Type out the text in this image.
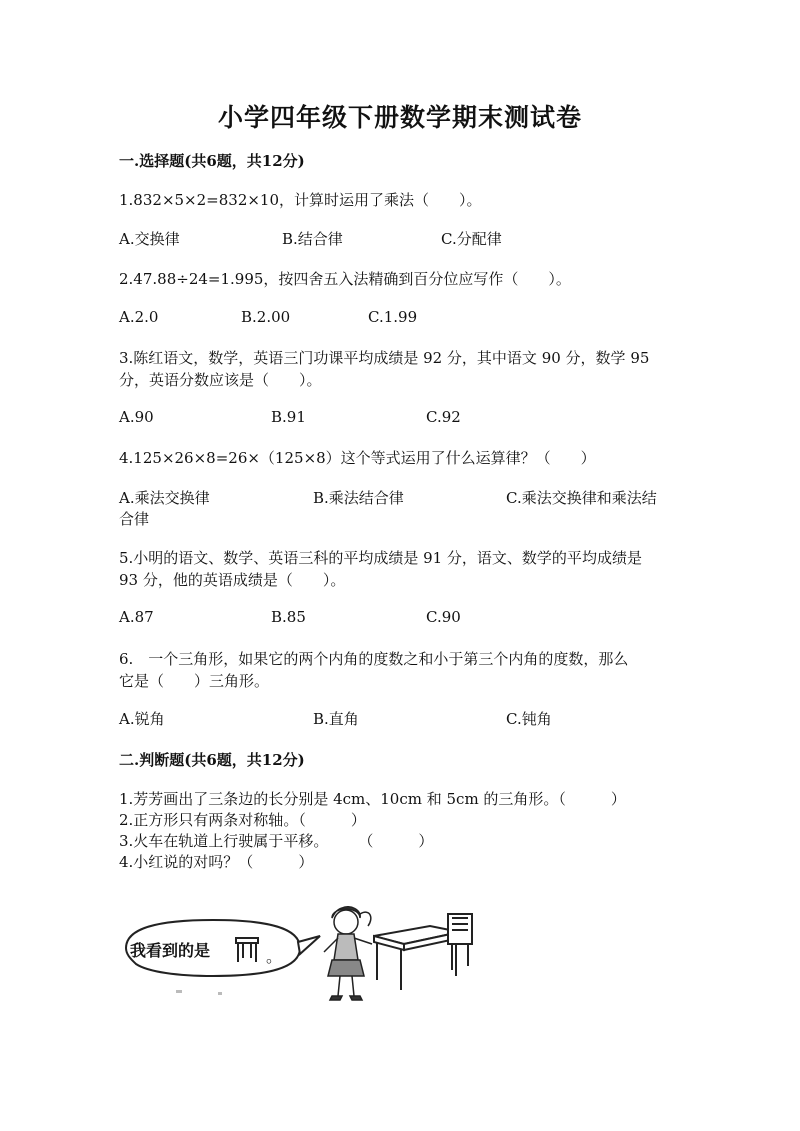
小学四年级下册数学期末测试卷
一.选择题(共6题，共12分)
1.832×5×2=832×10，计算时运用了乘法（　　）。
A.交换律	B.结合律	C.分配律
2.47.88÷24=1.995，按四舍五入法精确到百分位应写作（　　）。
A.2.0	B.2.00	C.1.99
3.陈红语文，数学，英语三门功课平均成绩是 92 分，其中语文 90 分，数学 95
分，英语分数应该是（　　）。
A.90	B.91	C.92
4.125×26×8=26×（125×8）这个等式运用了什么运算律？（　　）
A.乘法交换律	B.乘法结合律	C.乘法交换律和乘法结
合律
5.小明的语文、数学、英语三科的平均成绩是 91 分，语文、数学的平均成绩是
93 分，他的英语成绩是（　　）。
A.87	B.85	C.90
6.　一个三角形，如果它的两个内角的度数之和小于第三个内角的度数，那么
它是（　　）三角形。
A.锐角	B.直角	C.钝角
二.判断题(共6题，共12分)
1.芳芳画出了三条边的长分别是 4cm、10cm 和 5cm 的三角形。（　　　）
2.正方形只有两条对称轴。（　　　）
3.火车在轨道上行驶属于平移。　　　（　　　）
4.小红说的对吗？（　　　）
我看到的是	。
